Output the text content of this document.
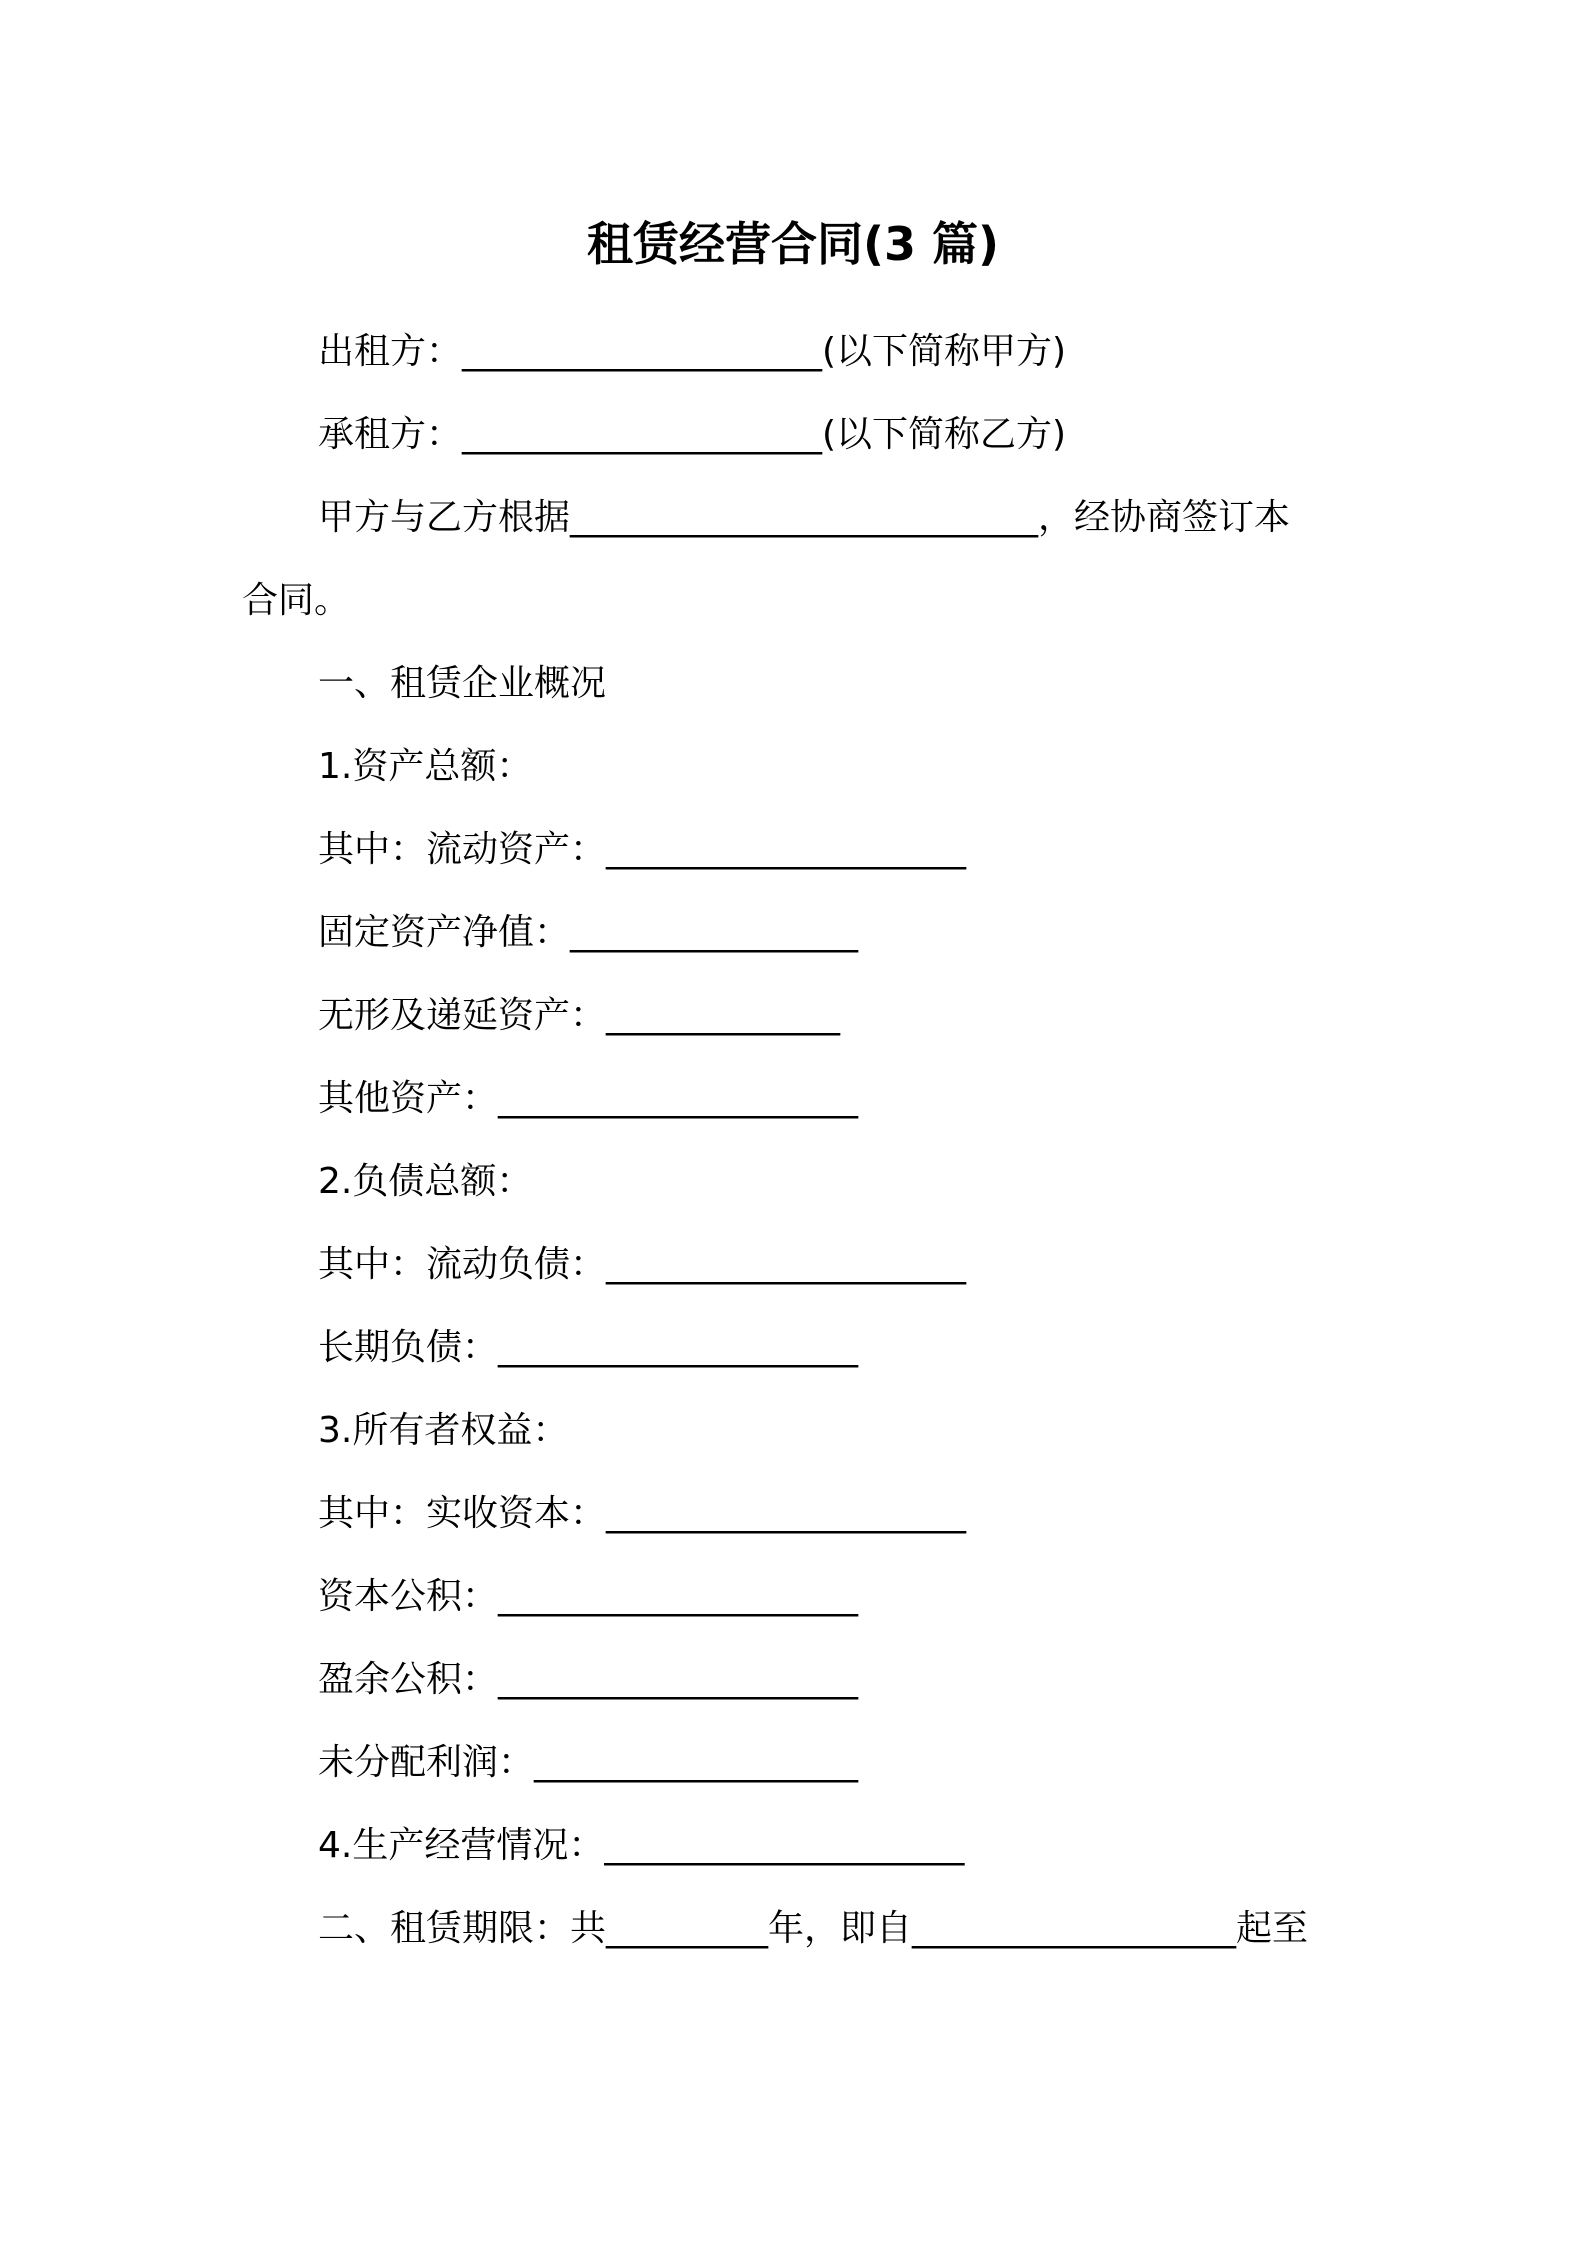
租赁经营合同(3 篇)
出租方：____________________(以下简称甲方)
承租方：____________________(以下简称乙方)
甲方与乙方根据__________________________，经协商签订本
合同。
一、租赁企业概况
1.资产总额：
其中：流动资产：____________________
固定资产净值：________________
无形及递延资产：_____________
其他资产：____________________
2.负债总额：
其中：流动负债：____________________
长期负债：____________________
3.所有者权益：
其中：实收资本：____________________
资本公积：____________________
盈余公积：____________________
未分配利润：__________________
4.生产经营情况：____________________
二、租赁期限：共_________年，即自__________________起至
